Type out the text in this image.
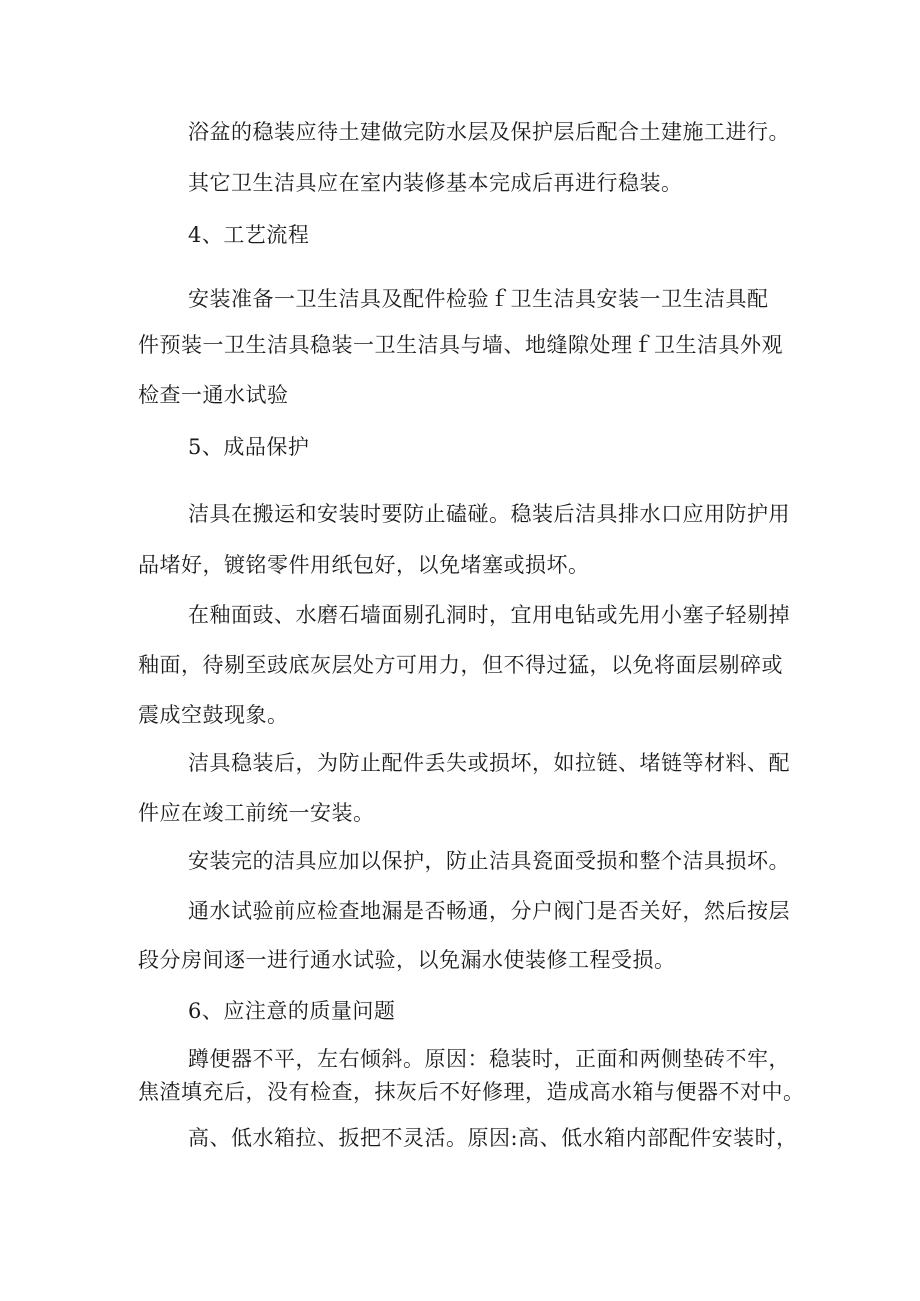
浴盆的稳装应待土建做完防水层及保护层后配合土建施工进行。
其它卫生洁具应在室内装修基本完成后再进行稳装。
4、工艺流程
安装准备一卫生洁具及配件检验ｆ卫生洁具安装一卫生洁具配
件预装一卫生洁具稳装一卫生洁具与墙、地缝隙处理ｆ卫生洁具外观
检查一通水试验
5、成品保护
洁具在搬运和安装时要防止磕碰。稳装后洁具排水口应用防护用
品堵好，镀铭零件用纸包好，以免堵塞或损坏。
在釉面豉、水磨石墙面剔孔洞时，宜用电钻或先用小塞子轻剔掉
釉面，待剔至豉底灰层处方可用力，但不得过猛，以免将面层剔碎或
震成空鼓现象。
洁具稳装后，为防止配件丢失或损坏，如拉链、堵链等材料、配
件应在竣工前统一安装。
安装完的洁具应加以保护，防止洁具瓷面受损和整个洁具损坏。
通水试验前应检查地漏是否畅通，分户阀门是否关好，然后按层
段分房间逐一进行通水试验，以免漏水使装修工程受损。
6、应注意的质量问题
蹲便器不平，左右倾斜。原因：稳装时，正面和两侧垫砖不牢，
焦渣填充后，没有检查，抹灰后不好修理，造成高水箱与便器不对中。
高、低水箱拉、扳把不灵活。原因:高、低水箱内部配件安装时，
